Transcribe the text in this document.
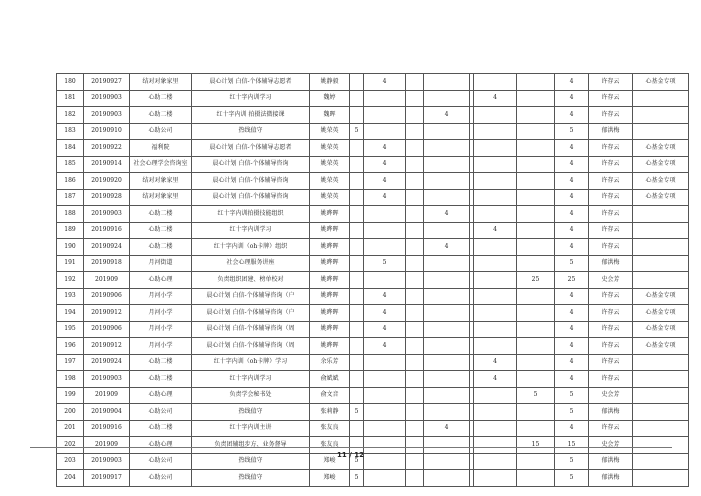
180	20190927	结对对象家里	晨心计划 白信-个体辅导志愿者	姚静毅		4						4	许存云	心基金专项
181	20190903	心助二楼	红十字内训学习	魏婷						4		4	许存云	
182	20190903	心助二楼	红十字内训 拍摄法微接课	魏晖				4				4	许存云	
183	20190910	心助公司	热线值守	姚荣英	5							5	郁洪梅	
184	20190922	福利院	晨心计划 白信-个体辅导志愿者	姚荣英		4						4	许存云	心基金专项
185	20190914	社会心理学会咨询室	晨心计划 白信-个体辅导咨询	姚荣英		4						4	许存云	心基金专项
186	20190920	结对对象家里	晨心计划 白信-个体辅导咨询	姚荣英		4						4	许存云	心基金专项
187	20190928	结对对象家里	晨心计划 白信-个体辅导咨询	姚荣英		4						4	许存云	心基金专项
188	20190903	心助二楼	红十字内训拍摄技能组织	姚晔晖				4				4	许存云	
189	20190916	心助二楼	红十字内训学习	姚晔晖						4		4	许存云	
190	20190924	心助二楼	红十字内训（oh卡牌）组织	姚晔晖				4				4	许存云	
191	20190918	月河街道	社会心理服务讲座	姚晔晖		5						5	郁洪梅	
192	201909	心助心理	负责组织团建、榜单校对	姚晔晖							25	25	史会芳	
193	20190906	月河小学	晨心计划 白信-个体辅导咨询（户	姚晔晖		4						4	许存云	心基金专项
194	20190912	月河小学	晨心计划 白信-个体辅导咨询（户	姚晔晖		4						4	许存云	心基金专项
195	20190906	月河小学	晨心计划 白信-个体辅导咨询（周	姚晔晖		4						4	许存云	心基金专项
196	20190912	月河小学	晨心计划 白信-个体辅导咨询（周	姚晔晖		4						4	许存云	心基金专项
197	20190924	心助二楼	红十字内训（oh卡牌）学习	余乐芳						4		4	许存云	
198	20190903	心助二楼	红十字内训学习	俞斌斌						4		4	许存云	
199	201909	心助心理	负责学会秘书处	俞文音							5	5	史会芳	
200	20190904	心助公司	热线值守	张莉静	5							5	郁洪梅	
201	20190916	心助二楼	红十字内训主讲	张友良				4				4	许存云	
202	201909	心助心理	负责团辅组步方、业务督导	张友良							15	15	史会芳	
203	20190903	心助公司	热线值守	郑峻	5							5	郁洪梅	
204	20190917	心助公司	热线值守	郑峻	5							5	郁洪梅	
11 / 12
